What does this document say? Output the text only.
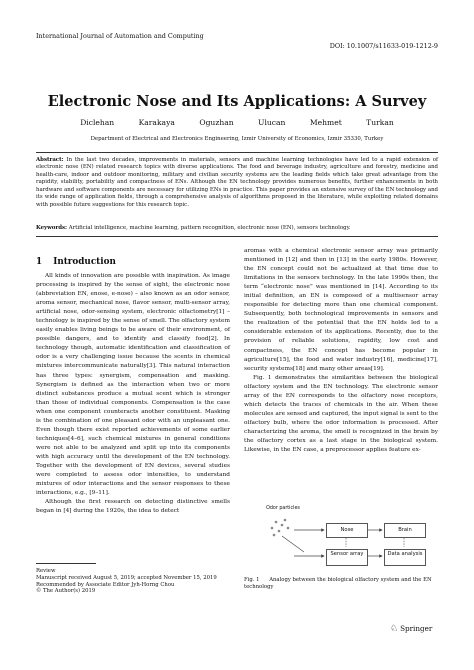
International Journal of Automation and Computing
DOI: 10.1007/s11633-019-1212-9
Electronic Nose and Its Applications: A Survey
Diclehan Karakaya	Oguzhan Ulucan	Mehmet Turkan
Department of Electrical and Electronics Engineering, Izmir University of Economics, Izmir 35330, Turkey
Abstract: In the last two decades, improvements in materials, sensors and machine learning technologies have led to a rapid extension of electronic nose (EN) related research topics with diverse applications. The food and beverage industry, agriculture and forestry, medicine and health-care, indoor and outdoor monitoring, military and civilian security systems are the leading fields which take great advantage from the rapidity, stability, portability and compactness of ENs. Although the EN technology provides numerous benefits, further enhancements in both hardware and software components are necessary for utilizing ENs in practice. This paper provides an extensive survey of the EN technology and its wide range of application fields, through a comprehensive analysis of algorithms proposed in the literature, while exploiting related domains with possible future suggestions for this research topic.
Keywords: Artificial intelligence, machine learning, pattern recognition, electronic nose (EN), sensors technology.
1 Introduction

All kinds of innovation are possible with inspiration. As image processing is inspired by the sense of sight, the electronic nose (abbreviation EN, enose, e-nose) – also known as an odor sensor, aroma sensor, mechanical nose, flavor sensor, multi-sensor array, artificial nose, odor-sensing system, electronic olfactometry[1] – technology is inspired by the sense of smell. The olfactory system easily enables living beings to be aware of their environment, of possible dangers, and to identify and classify food[2]. In technology though, automatic identification and classification of odor is a very challenging issue because the scents in chemical mixtures intercommunicate naturally[3]. This natural interaction has three types: synergism, compensation and masking. Synergism is defined as the interaction when two or more distinct substances produce a mutual scent which is stronger than those of individual components. Compensation is the case when one component counteracts another constituent. Masking is the combination of one pleasant odor with an unpleasant one. Even though there exist reported achievements of some earlier techniques[4–6], such chemical mixtures in general conditions were not able to be analyzed and split up into its components with high accuracy until the development of the EN technology. Together with the development of EN devices, several studies were completed to assess odor intensities, to understand mixtures of odor interactions and the sensor responses to these interactions, e.g., [9–11].

Although the first research on detecting distinctive smells began in [4] during the 1920s, the idea to detect

Review
Manuscript received August 5, 2019; accepted November 15, 2019
Recommended by Associate Editor Jyh-Horng Chou
© The Author(s) 2019

aromas with a chemical electronic sensor array was primarily mentioned in [12] and then in [13] in the early 1980s. However, the EN concept could not be actualized at that time due to limitations in the sensors technology. In the late 1990s then, the term “electronic nose” was mentioned in [14]. According to its initial definition, an EN is composed of a multisensor array responsible for detecting more than one chemical component. Subsequently, both technological improvements in sensors and the realization of the potential that the EN holds led to a considerable extension of its applications. Recently, due to the provision of reliable solutions, rapidity, low cost and compactness, the EN concept has become popular in agriculture[15], the food and water industry[16], medicine[17], security systems[18] and many other areas[19].

Fig. 1 demonstrates the similarities between the biological olfactory system and the EN technology. The electronic sensor array of the EN corresponds to the olfactory nose receptors, which detects the traces of chemicals in the air. When these molecules are sensed and captured, the input signal is sent to the olfactory bulb, where the odor information is processed. After characterizing the aroma, the smell is recognized in the brain by the olfactory cortex as a last stage in the biological system. Likewise, in the EN case, a preprocessor applies feature ex-

Odor particles
Nose	Brain
Sensor array	Data analysis
Fig. 1 Analogy between the biological olfactory system and the EN technology
♘ Springer
